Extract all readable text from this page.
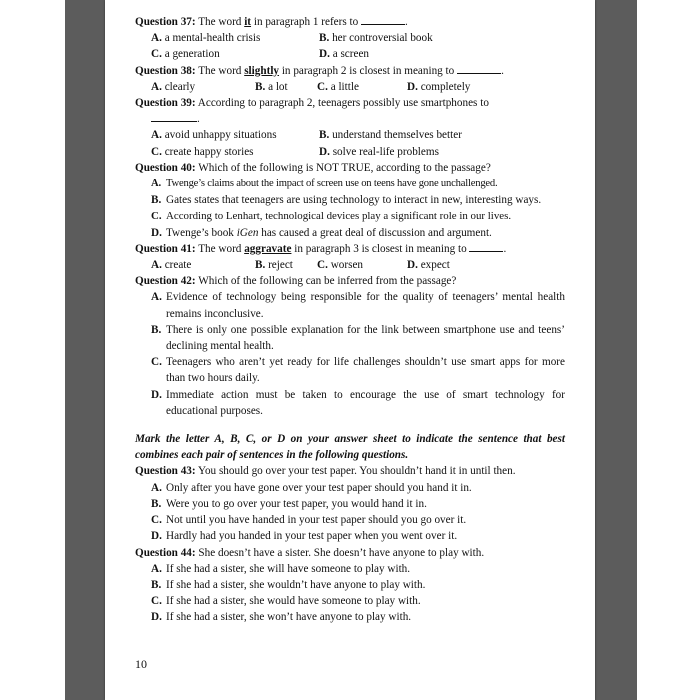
Question 37: The word it in paragraph 1 refers to	.

A. a mental-health crisis	B. her controversial book

C. a generation	D. a screen

Question 38: The word slightly in paragraph 2 is closest in meaning to	.

A. clearly	B. a lot	C. a little	D. completely

Question 39: According to paragraph 2, teenagers possibly use smartphones to

.

A. avoid unhappy situations	B. understand themselves better

C. create happy stories	D. solve real-life problems

Question 40: Which of the following is NOT TRUE, according to the passage?

A. Twenge’s claims about the impact of screen use on teens have gone unchallenged.

B. Gates states that teenagers are using technology to interact in new, interesting ways.

C. According to Lenhart, technological devices play a significant role in our lives.

D. Twenge’s book iGen has caused a great deal of discussion and argument.

Question 41: The word aggravate in paragraph 3 is closest in meaning to	.

A. create	B. reject	C. worsen	D. expect

Question 42: Which of the following can be inferred from the passage?

A. Evidence of technology being responsible for the quality of teenagers’ mental health remains inconclusive.

B. There is only one possible explanation for the link between smartphone use and teens’ declining mental health.

C. Teenagers who aren’t yet ready for life challenges shouldn’t use smart apps for more than two hours daily.

D. Immediate action must be taken to encourage the use of smart technology for educational purposes.

Mark the letter A, B, C, or D on your answer sheet to indicate the sentence that best combines each pair of sentences in the following questions.

Question 43: You should go over your test paper. You shouldn’t hand it in until then.

A. Only after you have gone over your test paper should you hand it in.

B. Were you to go over your test paper, you would hand it in.

C. Not until you have handed in your test paper should you go over it.

D. Hardly had you handed in your test paper when you went over it.

Question 44: She doesn’t have a sister. She doesn’t have anyone to play with.

A. If she had a sister, she will have someone to play with.

B. If she had a sister, she wouldn’t have anyone to play with.

C. If she had a sister, she would have someone to play with.

D. If she had a sister, she won’t have anyone to play with.

10
